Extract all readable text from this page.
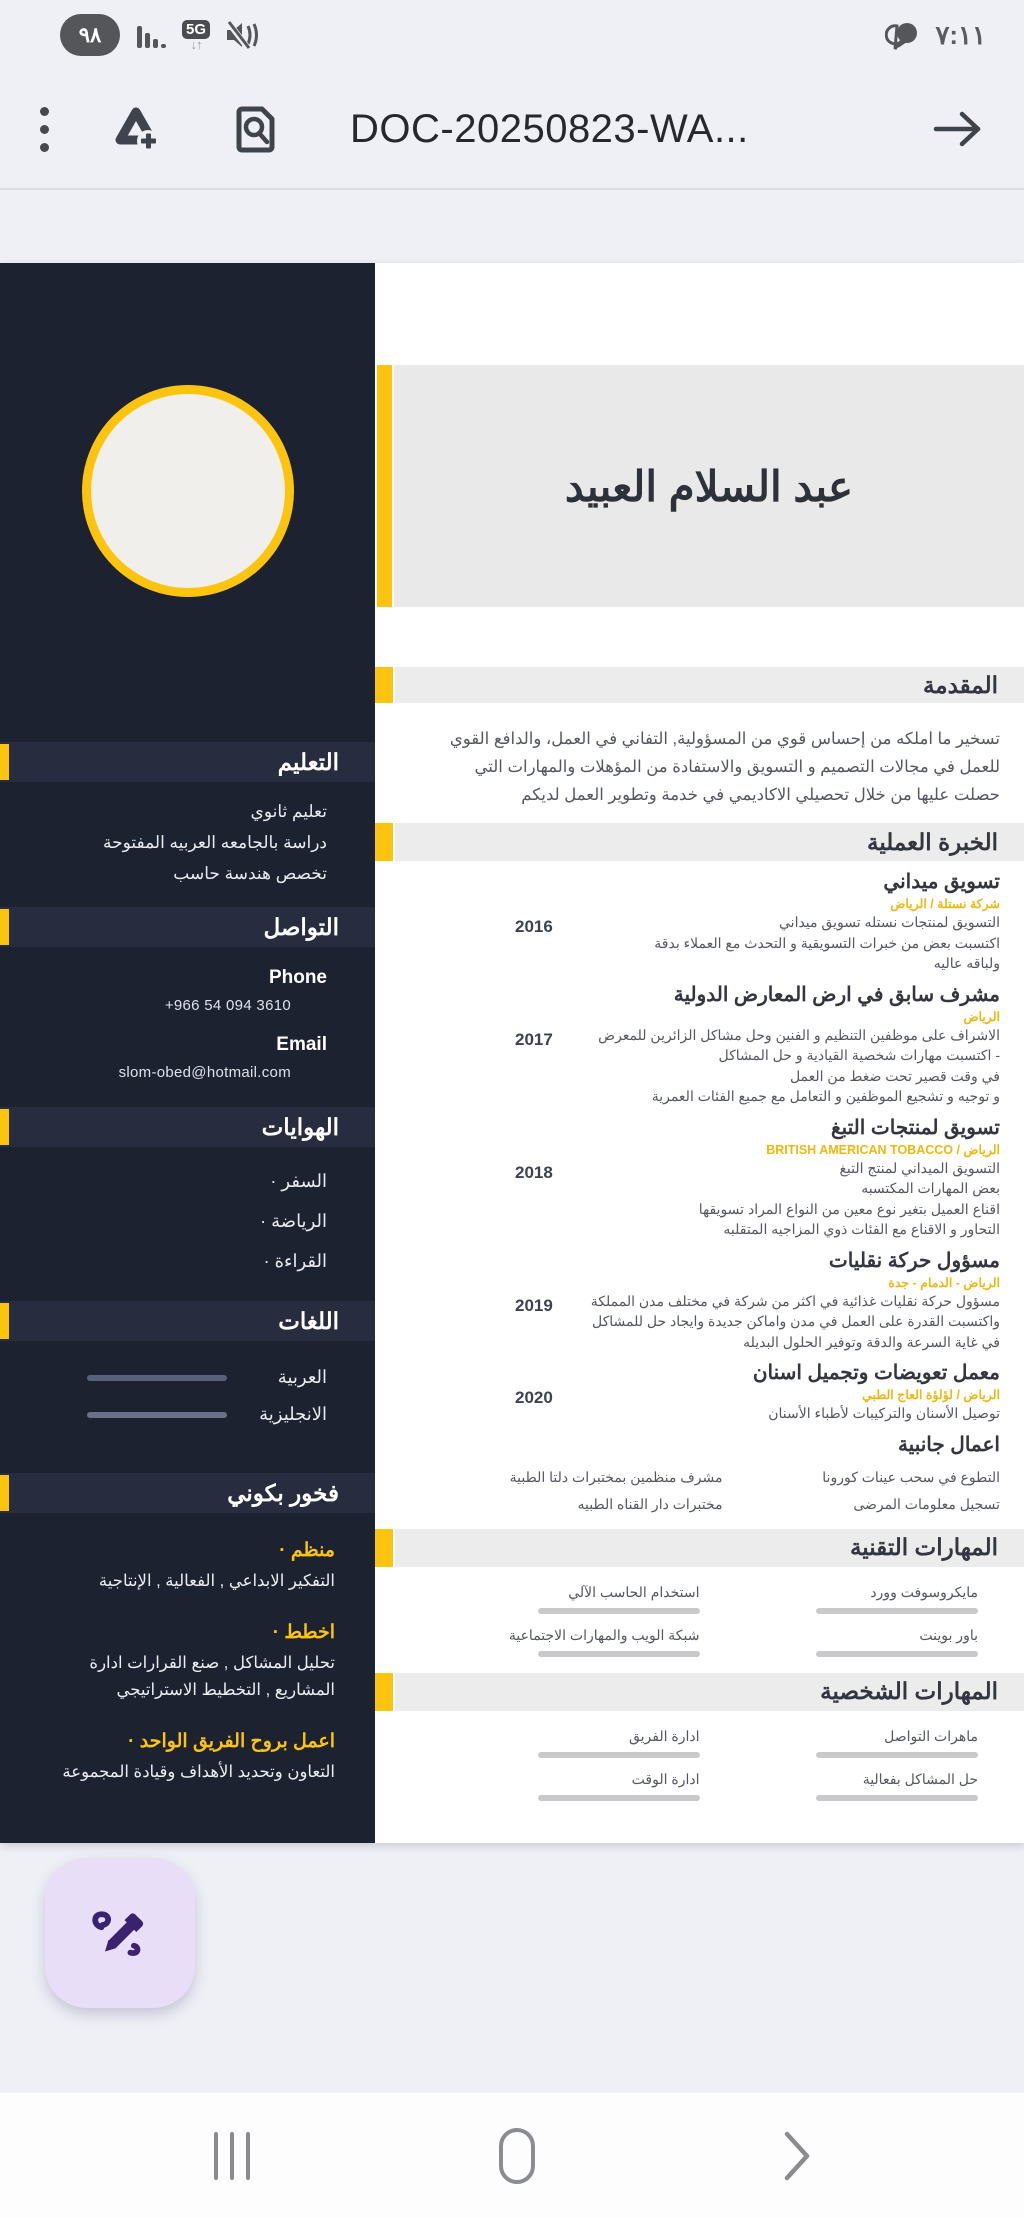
٩٨	5G
↓↑	٧:١١
DOC-20250823-WA...
التعليم
تعليم ثانوي
دراسة بالجامعه العربيه المفتوحة
تخصص هندسة حاسب
التواصل
Phone
+966 54 094 3610
Email
slom-obed@hotmail.com
الهوايات
السفر ·
الرياضة ·
القراءة ·
اللغات
العربية
الانجليزية
فخور بكوني
منظم ·
التفكير الابداعي , الفعالية , الإنتاجية
اخطط ·
تحليل المشاكل , صنع القرارات ادارة المشاريع , التخطيط الاستراتيجي
اعمل بروح الفريق الواحد ·
التعاون وتحديد الأهداف وقيادة المجموعة
عبد السلام العبيد
المقدمة

تسخير ما املكه من إحساس قوي من المسؤولية, التفاني في العمل، والدافع القوي للعمل في مجالات التصميم و التسويق والاستفادة من المؤهلات والمهارات التي حصلت عليها من خلال تحصيلي الاكاديمي في خدمة وتطوير العمل لديكم

الخبرة العملية
تسويق ميداني
شركة نستلة / الرياض
التسويق لمنتجات نستله تسويق ميداني
اكتسبت بعض من خبرات التسويقية و التحدث مع العملاء بدقة
ولباقه عاليه
2016
مشرف سابق في ارض المعارض الدولية
الرياض
الاشراف على موظفين التنظيم و الفنين وحل مشاكل الزائرين للمعرض
- اكتسبت مهارات شخصية القيادية و حل المشاكل
في وقت قصير تحت ضغط من العمل
و توجيه و تشجيع الموظفين و التعامل مع جميع الفئات العمرية
2017
تسويق لمنتجات التبغ
الرياض / BRITISH AMERICAN TOBACCO
التسويق الميداني لمنتج التبغ
بعض المهارات المكتسبه
اقناع العميل بتغير نوع معين من النواع المراد تسويقها
التحاور و الاقناع مع الفئات ذوي المزاجيه المتقلبه
2018
مسؤول حركة نقليات
الرياض - الدمام - جدة
مسؤول حركة نقليات غذائية في اكثر من شركة في مختلف مدن المملكة
واكتسبت القدرة على العمل في مدن واماكن جديدة وايجاد حل للمشاكل في غاية السرعة والدقة وتوفير الحلول البديله
2019
معمل تعويضات وتجميل اسنان
الرياض / لؤلؤة العاج الطبي
توصيل الأسنان والتركيبات لأطباء الأسنان
2020
اعمال جانبية
التطوع في سحب عينات كورونا
مشرف منظمين بمختبرات دلتا الطبية
تسجيل معلومات المرضى
مختبرات دار القناه الطبيه
المهارات التقنية
مايكروسوفت وورد
استخدام الحاسب الآلي
باور بوينت
شبكة الويب والمهارات الاجتماعية
المهارات الشخصية
ماهرات التواصل
ادارة الفريق
حل المشاكل بفعالية
ادارة الوقت
